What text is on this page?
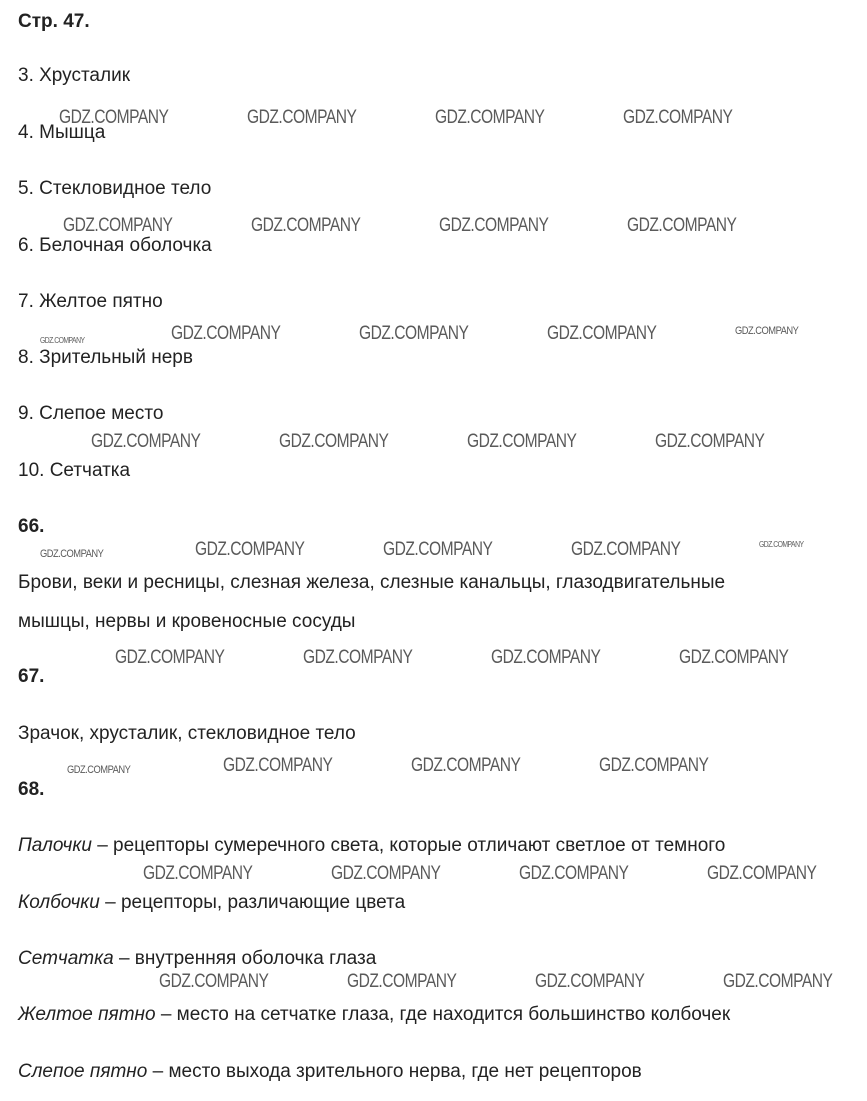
Стр. 47.
3. Хрусталик
4. Мышца
5. Стекловидное тело
6. Белочная оболочка
7. Желтое пятно
8. Зрительный нерв
9. Слепое место
10. Сетчатка
66.
Брови, веки и ресницы, слезная железа, слезные канальцы, глазодвигательные
мышцы, нервы и кровеносные сосуды
67.
Зрачок, хрусталик, стекловидное тело
68.
Палочки – рецепторы сумеречного света, которые отличают светлое от темного
Колбочки – рецепторы, различающие цвета
Сетчатка – внутренняя оболочка глаза
Желтое пятно – место на сетчатке глаза, где находится большинство колбочек
Слепое пятно – место выхода зрительного нерва, где нет рецепторов
GDZ.COMPANY	GDZ.COMPANY	GDZ.COMPANY	GDZ.COMPANY
GDZ.COMPANY	GDZ.COMPANY	GDZ.COMPANY	GDZ.COMPANY
GDZ.COMPANY	GDZ.COMPANY	GDZ.COMPANY	GDZ.COMPANY	GDZ.COMPANY
GDZ.COMPANY	GDZ.COMPANY	GDZ.COMPANY	GDZ.COMPANY
GDZ.COMPANY	GDZ.COMPANY	GDZ.COMPANY	GDZ.COMPANY	GDZ.COMPANY
GDZ.COMPANY	GDZ.COMPANY	GDZ.COMPANY	GDZ.COMPANY
GDZ.COMPANY	GDZ.COMPANY	GDZ.COMPANY	GDZ.COMPANY
GDZ.COMPANY	GDZ.COMPANY	GDZ.COMPANY	GDZ.COMPANY
GDZ.COMPANY	GDZ.COMPANY	GDZ.COMPANY	GDZ.COMPANY
